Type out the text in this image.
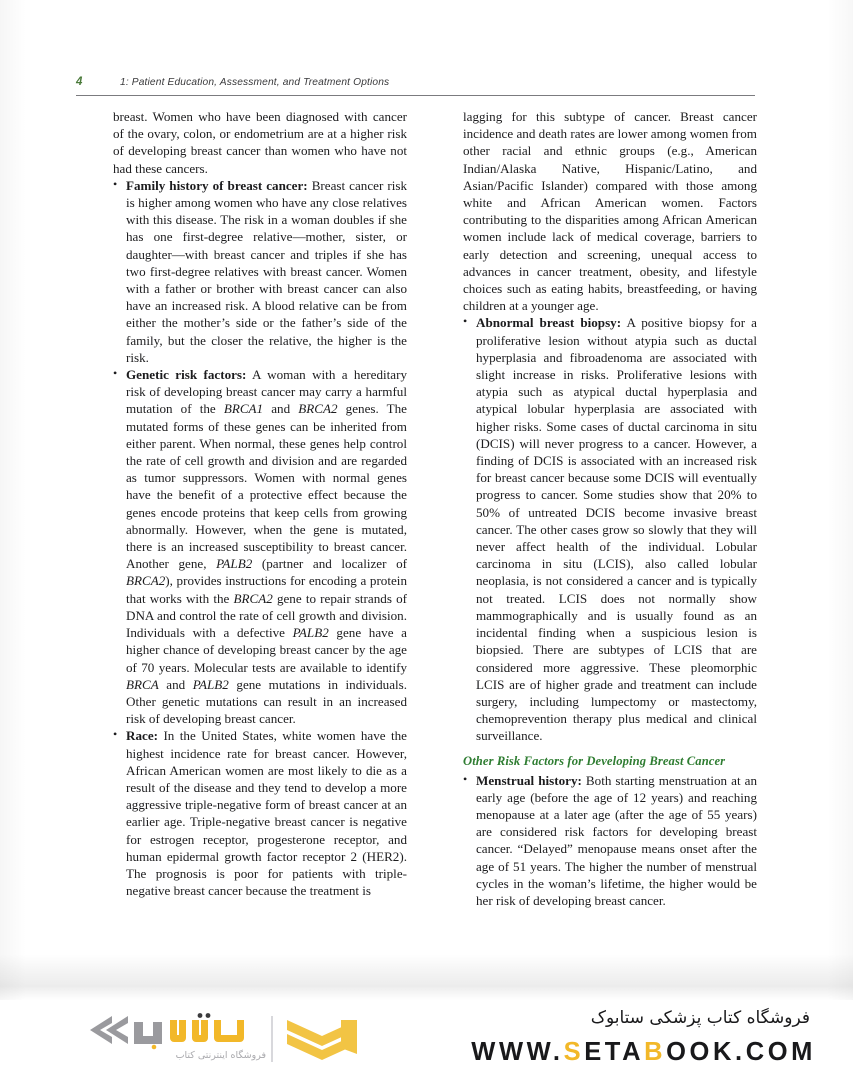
4	1: Patient Education, Assessment, and Treatment Options

breast. Women who have been diagnosed with cancer of the ovary, colon, or endometrium are at a higher risk of developing breast cancer than women who have not had these cancers.

• Family history of breast cancer: Breast cancer risk is higher among women who have any close relatives with this disease. The risk in a woman doubles if she has one first-degree relative—mother, sister, or daughter—with breast cancer and triples if she has two first-degree relatives with breast cancer. Women with a father or brother with breast cancer can also have an increased risk. A blood relative can be from either the mother’s side or the father’s side of the family, but the closer the relative, the higher is the risk.
• Genetic risk factors: A woman with a hereditary risk of developing breast cancer may carry a harmful mutation of the BRCA1 and BRCA2 genes. The mutated forms of these genes can be inherited from either parent. When normal, these genes help control the rate of cell growth and division and are regarded as tumor suppressors. Women with normal genes have the benefit of a protective effect because the genes encode proteins that keep cells from growing abnormally. However, when the gene is mutated, there is an increased susceptibility to breast cancer. Another gene, PALB2 (partner and localizer of BRCA2), provides instructions for encoding a protein that works with the BRCA2 gene to repair strands of DNA and control the rate of cell growth and division. Individuals with a defective PALB2 gene have a higher chance of developing breast cancer by the age of 70 years. Molecular tests are available to identify BRCA and PALB2 gene mutations in individuals. Other genetic mutations can result in an increased risk of developing breast cancer.
• Race: In the United States, white women have the highest incidence rate for breast cancer. However, African American women are most likely to die as a result of the disease and they tend to develop a more aggressive triple-negative form of breast cancer at an earlier age. Triple-negative breast cancer is negative for estrogen receptor, progesterone receptor, and human epidermal growth factor receptor 2 (HER2). The prognosis is poor for patients with triple-negative breast cancer because the treatment is

lagging for this subtype of cancer. Breast cancer incidence and death rates are lower among women from other racial and ethnic groups (e.g., American Indian/Alaska Native, Hispanic/Latino, and Asian/Pacific Islander) compared with those among white and African American women. Factors contributing to the disparities among African American women include lack of medical coverage, barriers to early detection and screening, unequal access to advances in cancer treatment, obesity, and lifestyle choices such as eating habits, breastfeeding, or having children at a younger age.

• Abnormal breast biopsy: A positive biopsy for a proliferative lesion without atypia such as ductal hyperplasia and fibroadenoma are associated with slight increase in risks. Proliferative lesions with atypia such as atypical ductal hyperplasia and atypical lobular hyperplasia are associated with higher risks. Some cases of ductal carcinoma in situ (DCIS) will never progress to a cancer. However, a finding of DCIS is associated with an increased risk for breast cancer because some DCIS will eventually progress to cancer. Some studies show that 20% to 50% of untreated DCIS become invasive breast cancer. The other cases grow so slowly that they will never affect health of the individual. Lobular carcinoma in situ (LCIS), also called lobular neoplasia, is not considered a cancer and is typically not treated. LCIS does not normally show mammographically and is usually found as an incidental finding when a suspicious lesion is biopsied. There are subtypes of LCIS that are considered more aggressive. These pleomorphic LCIS are of higher grade and treatment can include surgery, including lumpectomy or mastectomy, chemoprevention therapy plus medical and clinical surveillance.
Other Risk Factors for Developing Breast Cancer
• Menstrual history: Both starting menstruation at an early age (before the age of 12 years) and reaching menopause at a later age (after the age of 55 years) are considered risk factors for developing breast cancer. “Delayed” menopause means onset after the age of 51 years. The higher the number of menstrual cycles in the woman’s lifetime, the higher would be her risk of developing breast cancer.
فروشگاه اینترنتی کتاب
فروشگاه کتاب پزشکی ستابوک
WWW.SETABOOK.COM
